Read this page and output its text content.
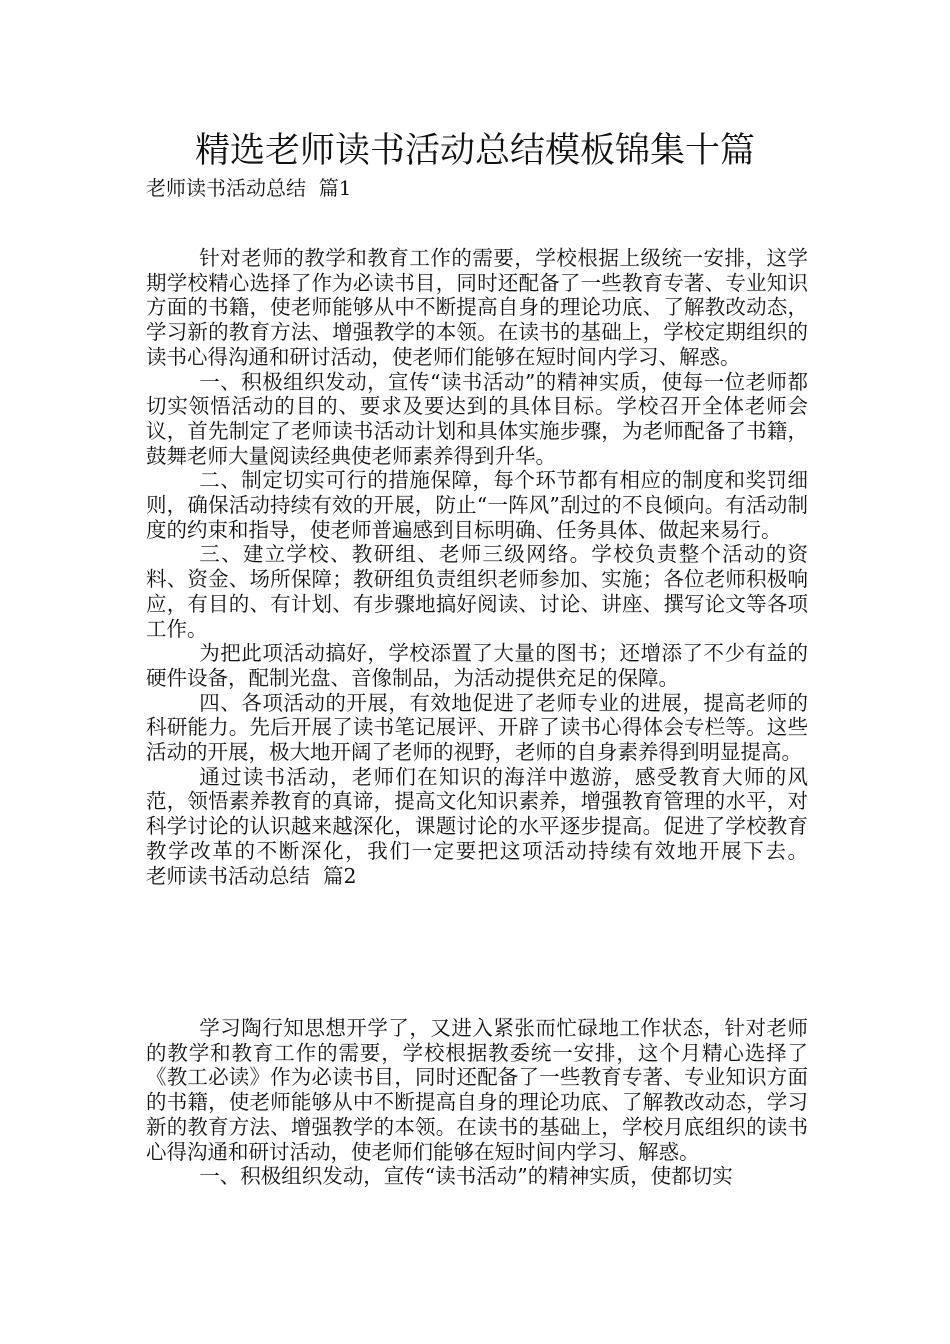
精选老师读书活动总结模板锦集十篇
老师读书活动总结  篇1

针对老师的教学和教育工作的需要，学校根据上级统一安排，这学期学校精心选择了作为必读书目，同时还配备了一些教育专著、专业知识方面的书籍，使老师能够从中不断提高自身的理论功底、了解教改动态，学习新的教育方法、增强教学的本领。在读书的基础上，学校定期组织的读书心得沟通和研讨活动，使老师们能够在短时间内学习、解惑。

一、积极组织发动，宣传“读书活动”的精神实质，使每一位老师都切实领悟活动的目的、要求及要达到的具体目标。学校召开全体老师会议，首先制定了老师读书活动计划和具体实施步骤，为老师配备了书籍，鼓舞老师大量阅读经典使老师素养得到升华。

二、制定切实可行的措施保障，每个环节都有相应的制度和奖罚细则，确保活动持续有效的开展，防止“一阵风”刮过的不良倾向。有活动制度的约束和指导，使老师普遍感到目标明确、任务具体、做起来易行。

三、建立学校、教研组、老师三级网络。学校负责整个活动的资料、资金、场所保障；教研组负责组织老师参加、实施；各位老师积极响应，有目的、有计划、有步骤地搞好阅读、讨论、讲座、撰写论文等各项工作。

为把此项活动搞好，学校添置了大量的图书；还增添了不少有益的硬件设备，配制光盘、音像制品，为活动提供充足的保障。

四、各项活动的开展，有效地促进了老师专业的进展，提高老师的科研能力。先后开展了读书笔记展评、开辟了读书心得体会专栏等。这些活动的开展，极大地开阔了老师的视野，老师的自身素养得到明显提高。

通过读书活动，老师们在知识的海洋中遨游，感受教育大师的风范，领悟素养教育的真谛，提高文化知识素养，增强教育管理的水平，对科学讨论的认识越来越深化，课题讨论的水平逐步提高。促进了学校教育教学改革的不断深化，我们一定要把这项活动持续有效地开展下去。老师读书活动总结  篇2

学习陶行知思想开学了，又进入紧张而忙碌地工作状态，针对老师的教学和教育工作的需要，学校根据教委统一安排，这个月精心选择了《教工必读》作为必读书目，同时还配备了一些教育专著、专业知识方面的书籍，使老师能够从中不断提高自身的理论功底、了解教改动态，学习新的教育方法、增强教学的本领。在读书的基础上，学校月底组织的读书心得沟通和研讨活动，使老师们能够在短时间内学习、解惑。

一、积极组织发动，宣传“读书活动”的精神实质，使都切实
